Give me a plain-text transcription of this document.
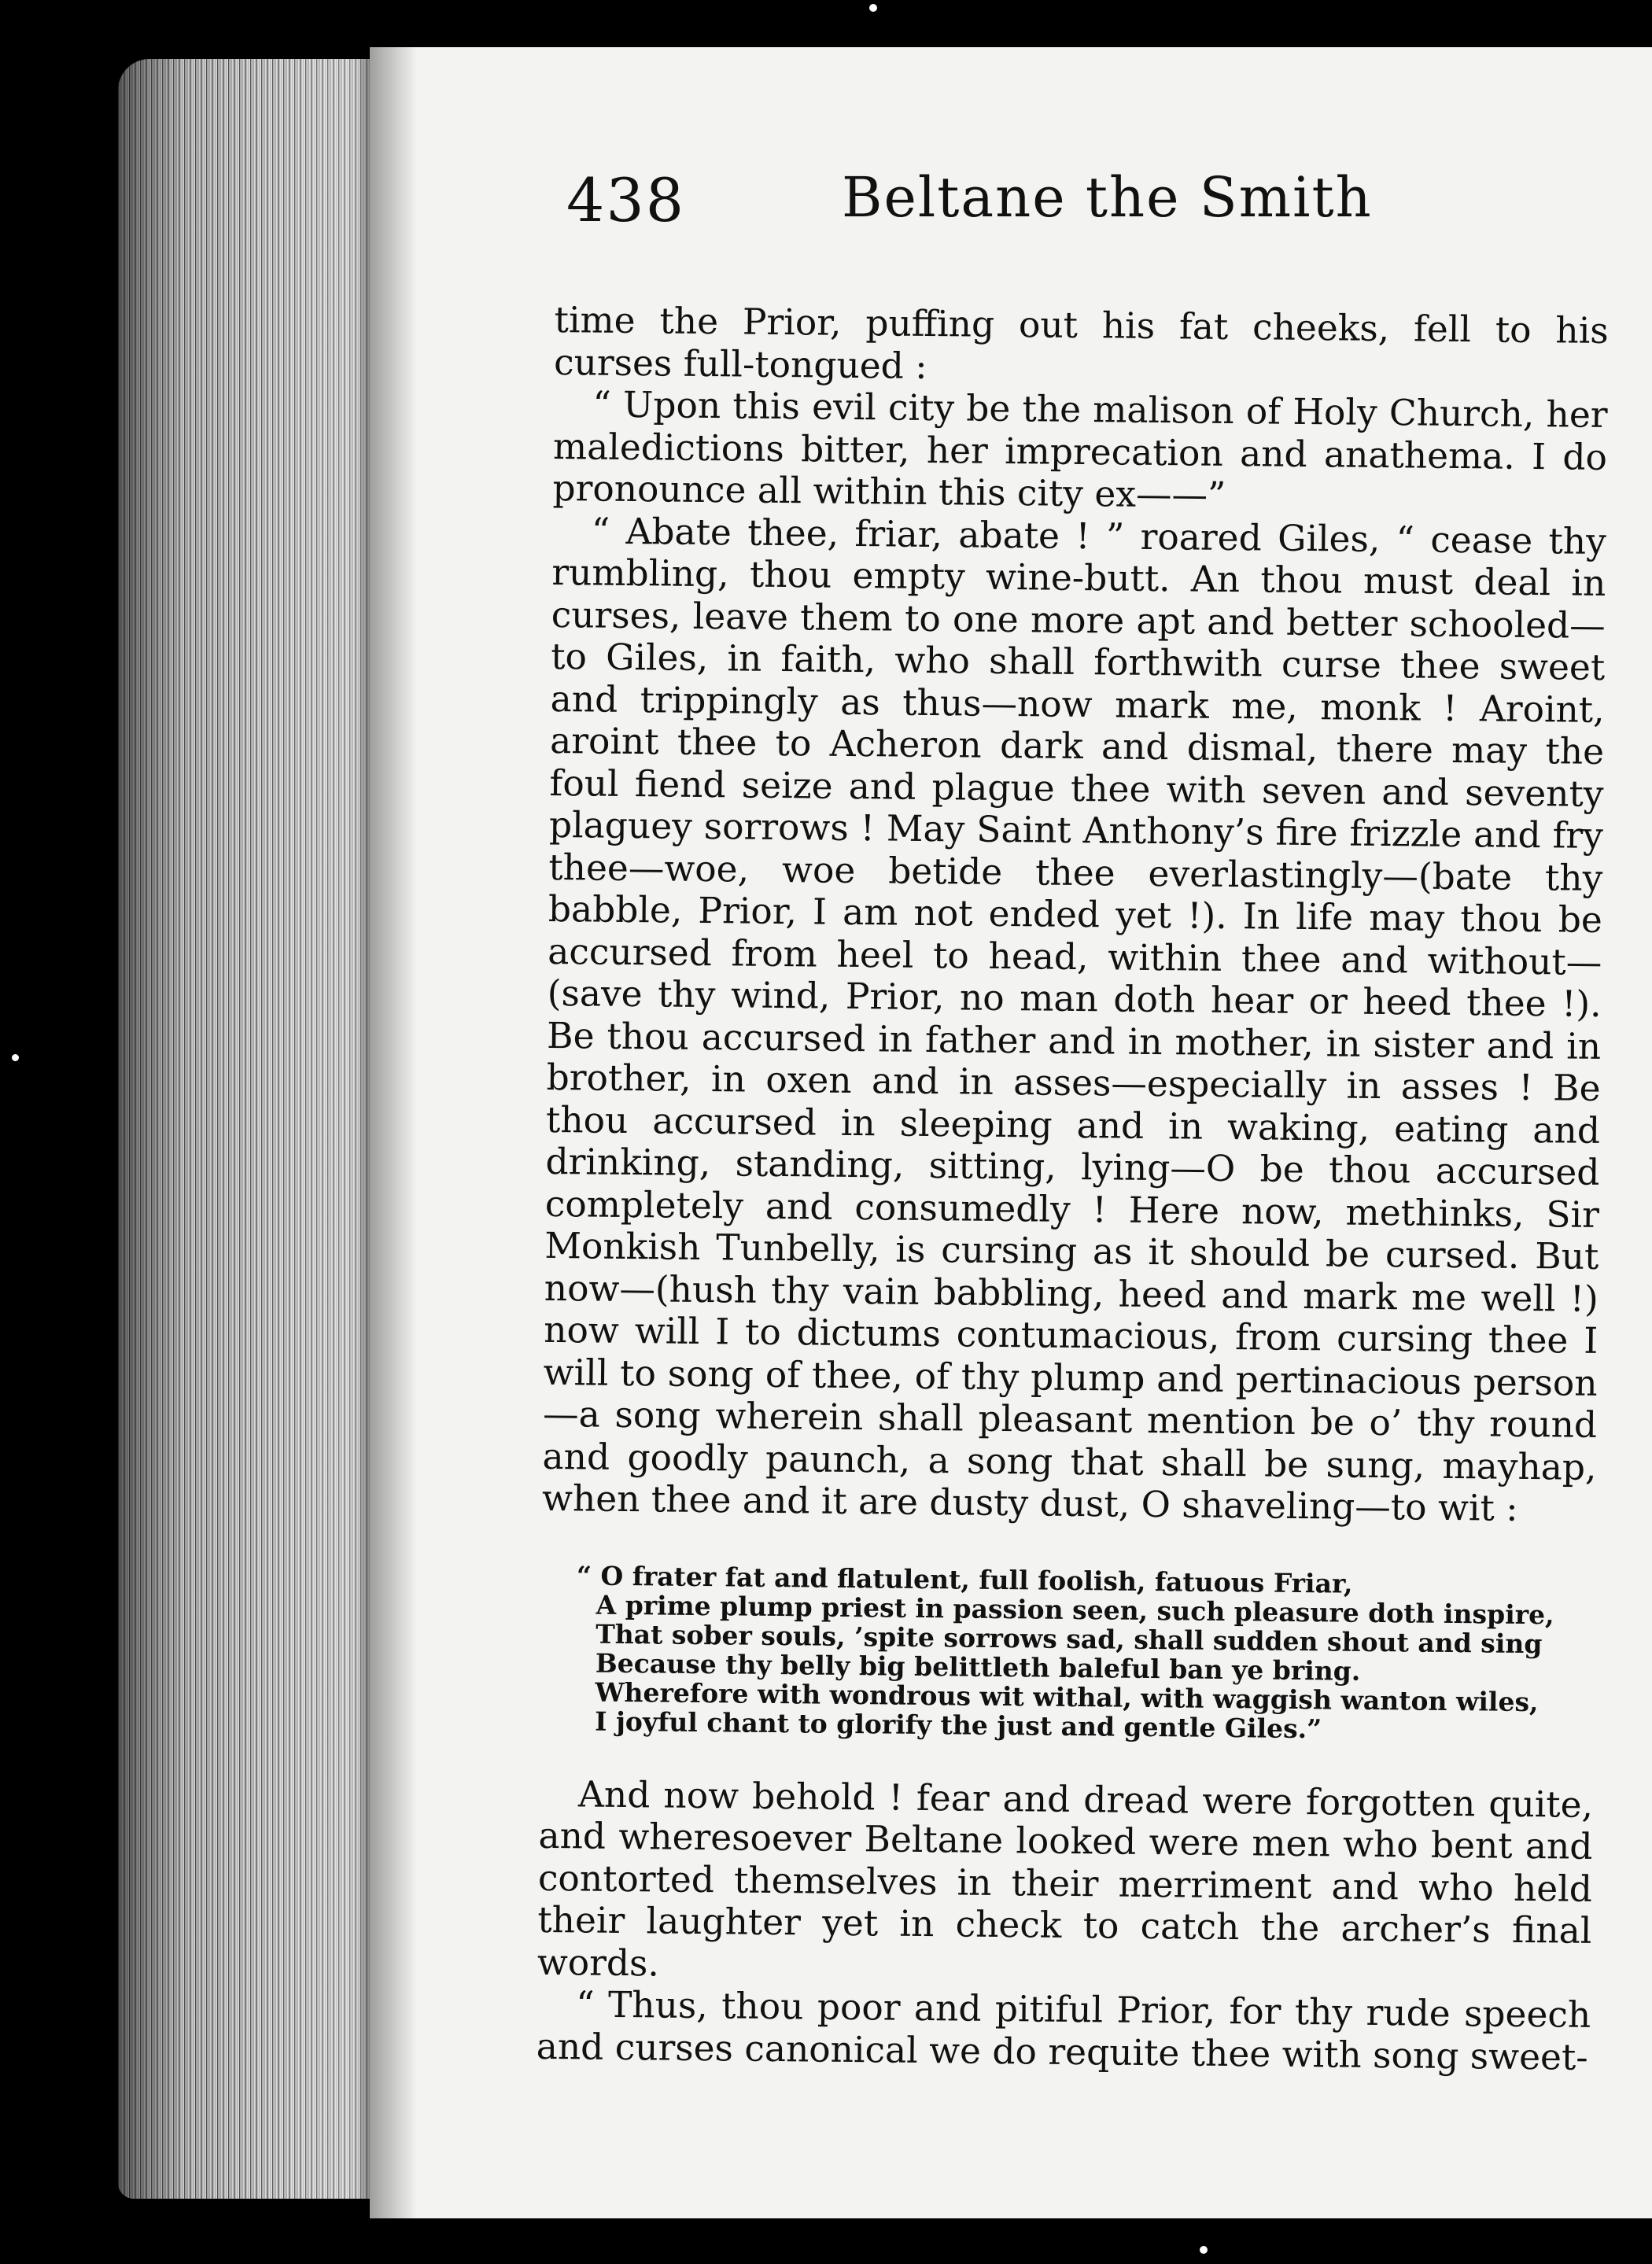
438	Beltane the Smith

time the Prior, puffing out his fat cheeks, fell to his curses full-tongued :

“ Upon this evil city be the malison of Holy Church, her maledictions bitter, her imprecation and anathema. I do pronounce all within this city ex——”

“ Abate thee, friar, abate ! ” roared Giles, “ cease thy rumbling, thou empty wine-butt. An thou must deal in curses, leave them to one more apt and better schooled—to Giles, in faith, who shall forthwith curse thee sweet and trippingly as thus—now mark me, monk ! Aroint, aroint thee to Acheron dark and dismal, there may the foul fiend seize and plague thee with seven and seventy plaguey sorrows ! May Saint Anthony’s fire frizzle and fry thee—woe, woe betide thee everlastingly—(bate thy babble, Prior, I am not ended yet !). In life may thou be accursed from heel to head, within thee and without—(save thy wind, Prior, no man doth hear or heed thee !). Be thou accursed in father and in mother, in sister and in brother, in oxen and in asses—especially in asses ! Be thou accursed in sleeping and in waking, eating and drinking, standing, sitting, lying—O be thou accursed completely and consumedly ! Here now, methinks, Sir Monkish Tunbelly, is cursing as it should be cursed. But now—(hush thy vain babbling, heed and mark me well !) now will I to dictums contumacious, from cursing thee I will to song of thee, of thy plump and pertinacious person—a song wherein shall pleasant mention be o’ thy round and goodly paunch, a song that shall be sung, mayhap, when thee and it are dusty dust, O shaveling—to wit :

“ O frater fat and flatulent, full foolish, fatuous Friar,
A prime plump priest in passion seen, such pleasure doth inspire,
That sober souls, ’spite sorrows sad, shall sudden shout and sing
Because thy belly big belittleth baleful ban ye bring.
Wherefore with wondrous wit withal, with waggish wanton wiles,
I joyful chant to glorify the just and gentle Giles.”

And now behold ! fear and dread were forgotten quite, and wheresoever Beltane looked were men who bent and contorted themselves in their merriment and who held their laughter yet in check to catch the archer’s final words.

“ Thus, thou poor and pitiful Prior, for thy rude speech and curses canonical we do requite thee with song sweet-
